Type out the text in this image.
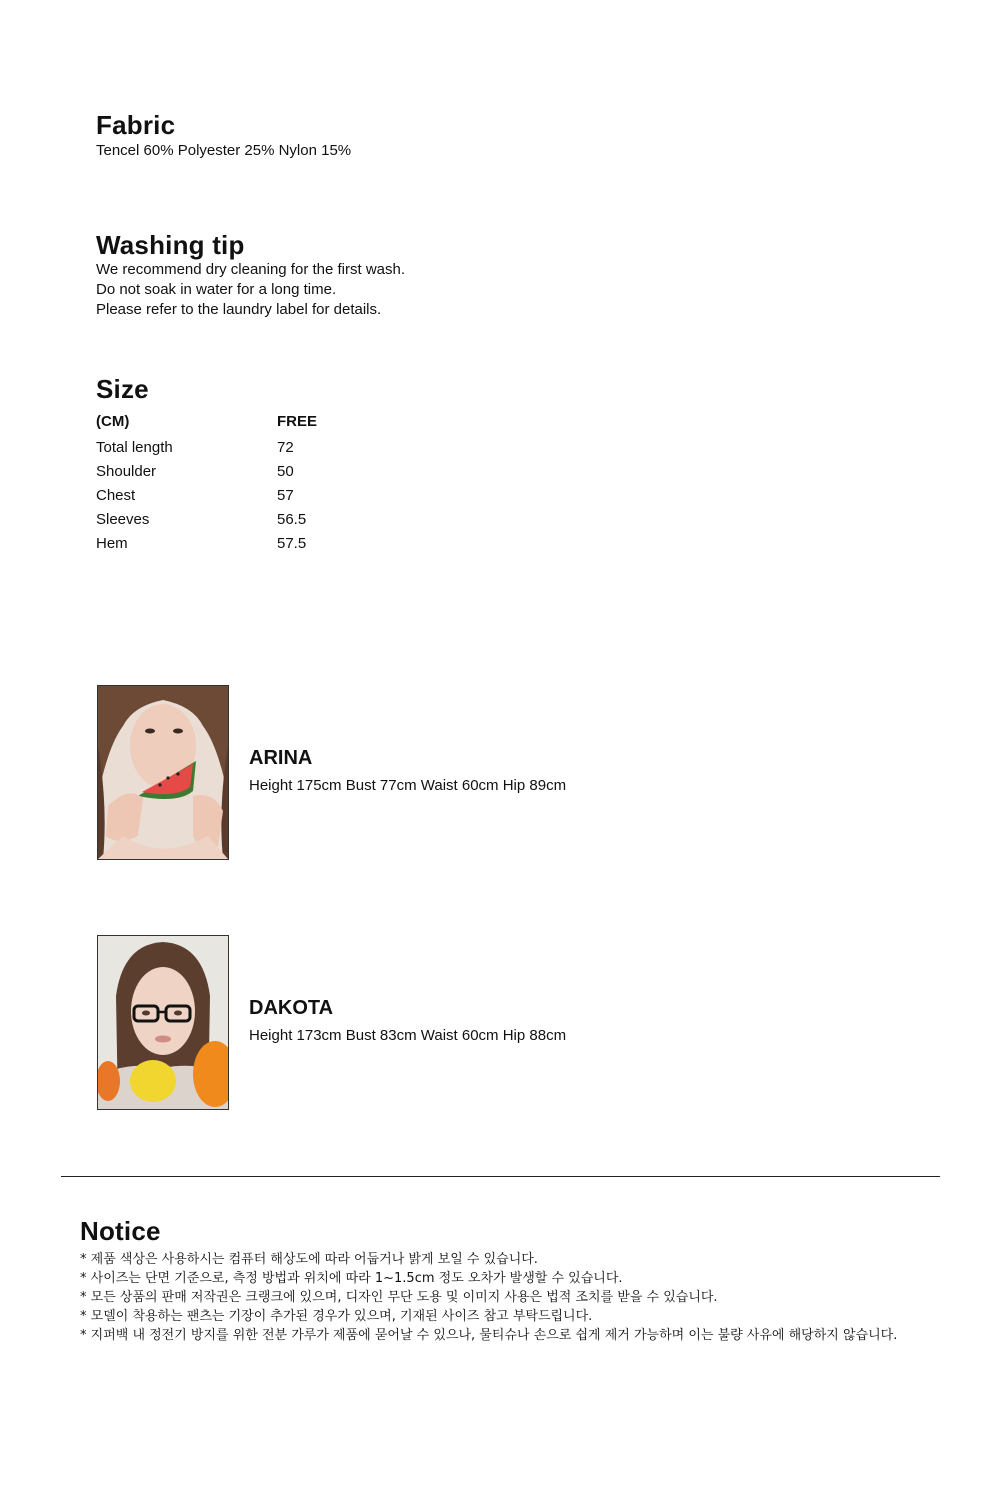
Fabric
Tencel 60% Polyester 25% Nylon 15%
Washing tip
We recommend dry cleaning for the first wash.
Do not soak in water for a long time.
Please refer to the laundry label for details.
Size
(CM)	FREE
Total length	72
Shoulder	50
Chest	57
Sleeves	56.5
Hem	57.5
ARINA
Height 175cm Bust 77cm Waist 60cm Hip 89cm
DAKOTA
Height 173cm Bust 83cm Waist 60cm Hip 88cm
Notice
* 제품 색상은 사용하시는 컴퓨터 해상도에 따라 어둡거나 밝게 보일 수 있습니다.
* 사이즈는 단면 기준으로, 측정 방법과 위치에 따라 1~1.5cm 정도 오차가 발생할 수 있습니다.
* 모든 상품의 판매 저작권은 크랭크에 있으며, 디자인 무단 도용 및 이미지 사용은 법적 조치를 받을 수 있습니다.
* 모델이 착용하는 팬츠는 기장이 추가된 경우가 있으며, 기재된 사이즈 참고 부탁드립니다.
* 지퍼백 내 정전기 방지를 위한 전분 가루가 제품에 묻어날 수 있으나, 물티슈나 손으로 쉽게 제거 가능하며 이는 불량 사유에 해당하지 않습니다.
